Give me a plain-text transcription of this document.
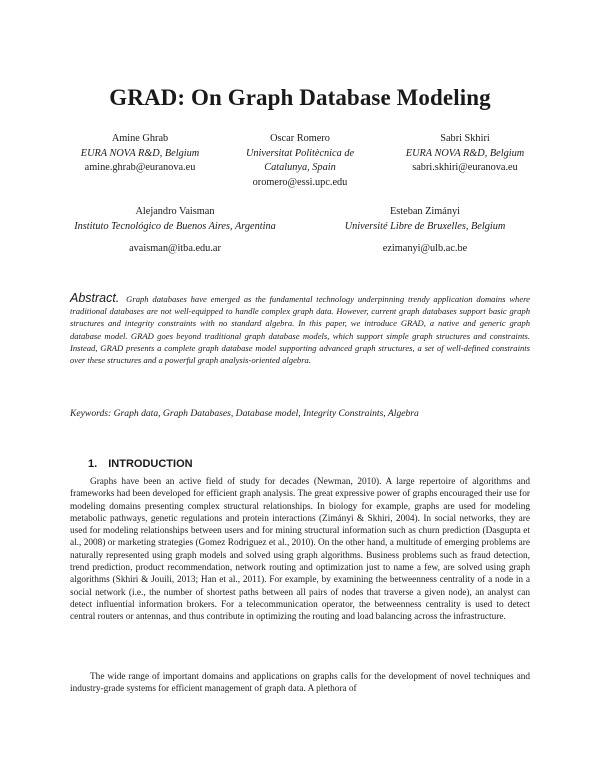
GRAD: On Graph Database Modeling
Amine Ghrab
EURA NOVA R&D, Belgium
amine.ghrab@euranova.eu
Oscar Romero
Universitat Politècnica de Catalunya, Spain
oromero@essi.upc.edu
Sabri Skhiri
EURA NOVA R&D, Belgium
sabri.skhiri@euranova.eu
Alejandro Vaisman
Instituto Tecnológico de Buenos Aires, Argentina
avaisman@itba.edu.ar
Esteban Zimányi
Université Libre de Bruxelles, Belgium
ezimanyi@ulb.ac.be
Abstract. Graph databases have emerged as the fundamental technology underpinning trendy application domains where traditional databases are not well-equipped to handle complex graph data. However, current graph databases support basic graph structures and integrity constraints with no standard algebra. In this paper, we introduce GRAD, a native and generic graph database model. GRAD goes beyond traditional graph database models, which support simple graph structures and constraints. Instead, GRAD presents a complete graph database model supporting advanced graph structures, a set of well-defined constraints over these structures and a powerful graph analysis-oriented algebra.
Keywords: Graph data, Graph Databases, Database model, Integrity Constraints, Algebra
1. INTRODUCTION

Graphs have been an active field of study for decades (Newman, 2010). A large repertoire of algorithms and frameworks had been developed for efficient graph analysis. The great expressive power of graphs encouraged their use for modeling domains presenting complex structural relationships. In biology for example, graphs are used for modeling metabolic pathways, genetic regulations and protein interactions (Zimányi & Skhiri, 2004). In social networks, they are used for modeling relationships between users and for mining structural information such as churn prediction (Dasgupta et al., 2008) or marketing strategies (Gomez Rodriguez et al., 2010). On the other hand, a multitude of emerging problems are naturally represented using graph models and solved using graph algorithms. Business problems such as fraud detection, trend prediction, product recommendation, network routing and optimization just to name a few, are solved using graph algorithms (Skhiri & Jouili, 2013; Han et al., 2011). For example, by examining the betweenness centrality of a node in a social network (i.e., the number of shortest paths between all pairs of nodes that traverse a given node), an analyst can detect influential information brokers. For a telecommunication operator, the betweenness centrality is used to detect central routers or antennas, and thus contribute in optimizing the routing and load balancing across the infrastructure.

The wide range of important domains and applications on graphs calls for the development of novel techniques and industry-grade systems for efficient management of graph data. A plethora of
